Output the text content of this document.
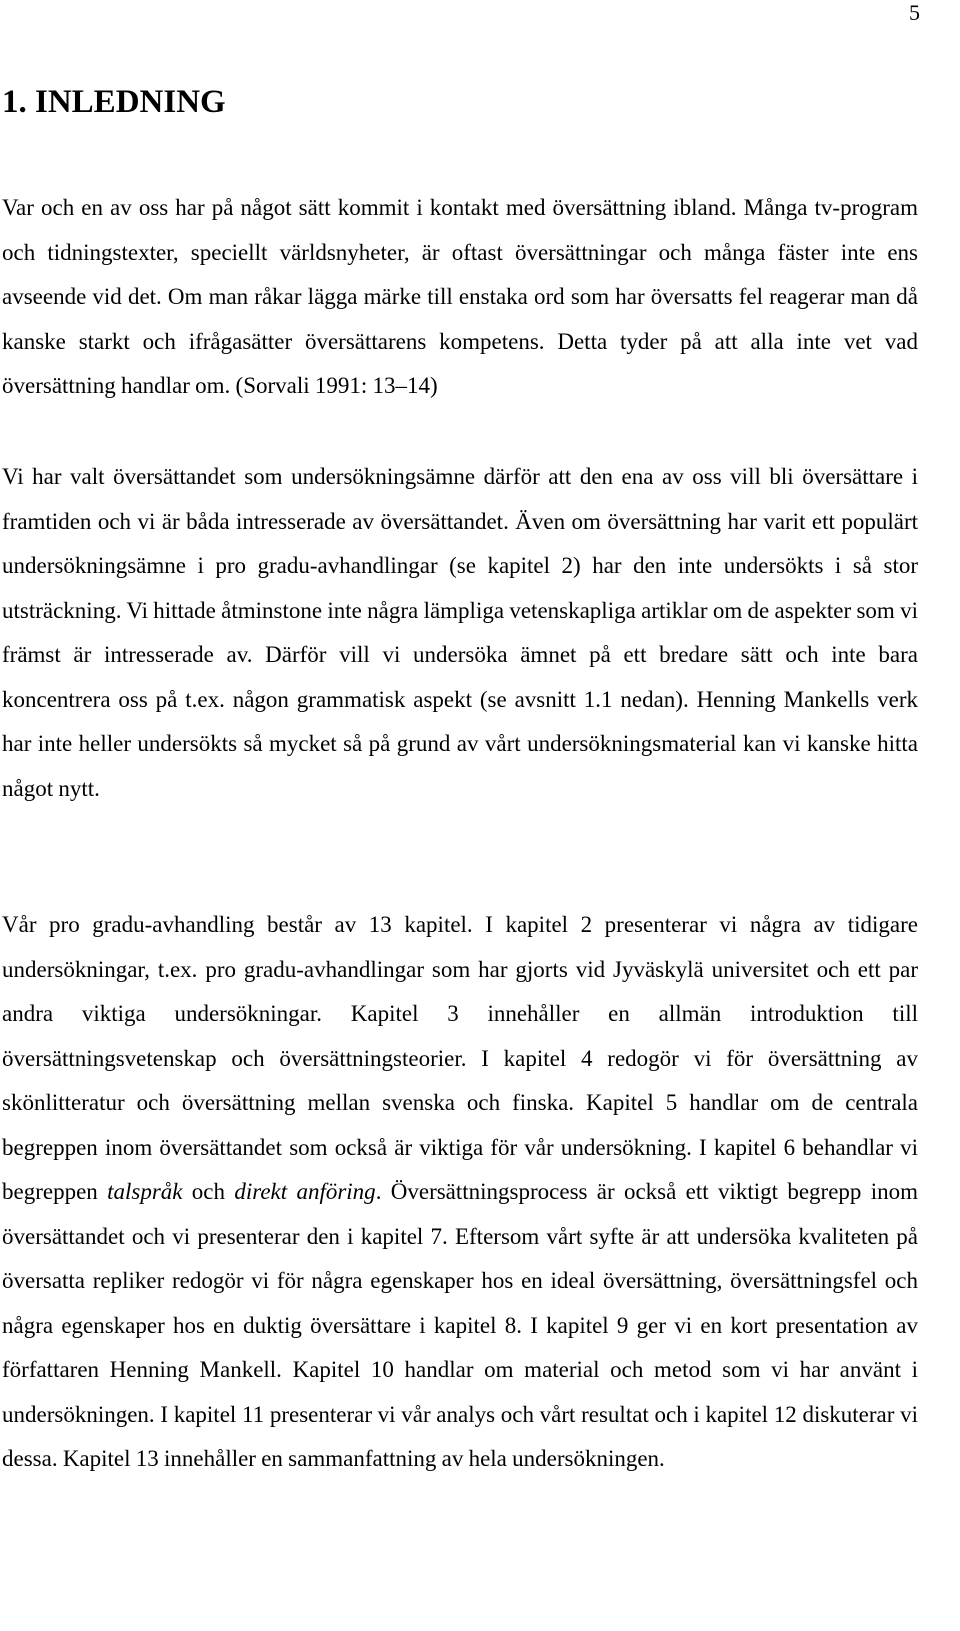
5
1. INLEDNING

Var och en av oss har på något sätt kommit i kontakt med översättning ibland. Många tv-program och tidningstexter, speciellt världsnyheter, är oftast översättningar och många fäster inte ens avseende vid det. Om man råkar lägga märke till enstaka ord som har översatts fel reagerar man då kanske starkt och ifrågasätter översättarens kompetens. Detta tyder på att alla inte vet vad översättning handlar om. (Sorvali 1991: 13–14)

Vi har valt översättandet som undersökningsämne därför att den ena av oss vill bli översättare i framtiden och vi är båda intresserade av översättandet. Även om översättning har varit ett populärt undersökningsämne i pro gradu-avhandlingar (se kapitel 2) har den inte undersökts i så stor utsträckning. Vi hittade åtminstone inte några lämpliga vetenskapliga artiklar om de aspekter som vi främst är intresserade av. Därför vill vi undersöka ämnet på ett bredare sätt och inte bara koncentrera oss på t.ex. någon grammatisk aspekt (se avsnitt 1.1 nedan). Henning Mankells verk har inte heller undersökts så mycket så på grund av vårt undersökningsmaterial kan vi kanske hitta något nytt.

Vår pro gradu-avhandling består av 13 kapitel. I kapitel 2 presenterar vi några av tidigare undersökningar, t.ex. pro gradu-avhandlingar som har gjorts vid Jyväskylä universitet och ett par andra viktiga undersökningar. Kapitel 3 innehåller en allmän introduktion till översättningsvetenskap och översättningsteorier. I kapitel 4 redogör vi för översättning av skönlitteratur och översättning mellan svenska och finska. Kapitel 5 handlar om de centrala begreppen inom översättandet som också är viktiga för vår undersökning. I kapitel 6 behandlar vi begreppen talspråk och direkt anföring. Översättningsprocess är också ett viktigt begrepp inom översättandet och vi presenterar den i kapitel 7. Eftersom vårt syfte är att undersöka kvaliteten på översatta repliker redogör vi för några egenskaper hos en ideal översättning, översättningsfel och några egenskaper hos en duktig översättare i kapitel 8. I kapitel 9 ger vi en kort presentation av författaren Henning Mankell. Kapitel 10 handlar om material och metod som vi har använt i undersökningen. I kapitel 11 presenterar vi vår analys och vårt resultat och i kapitel 12 diskuterar vi dessa. Kapitel 13 innehåller en sammanfattning av hela undersökningen.
